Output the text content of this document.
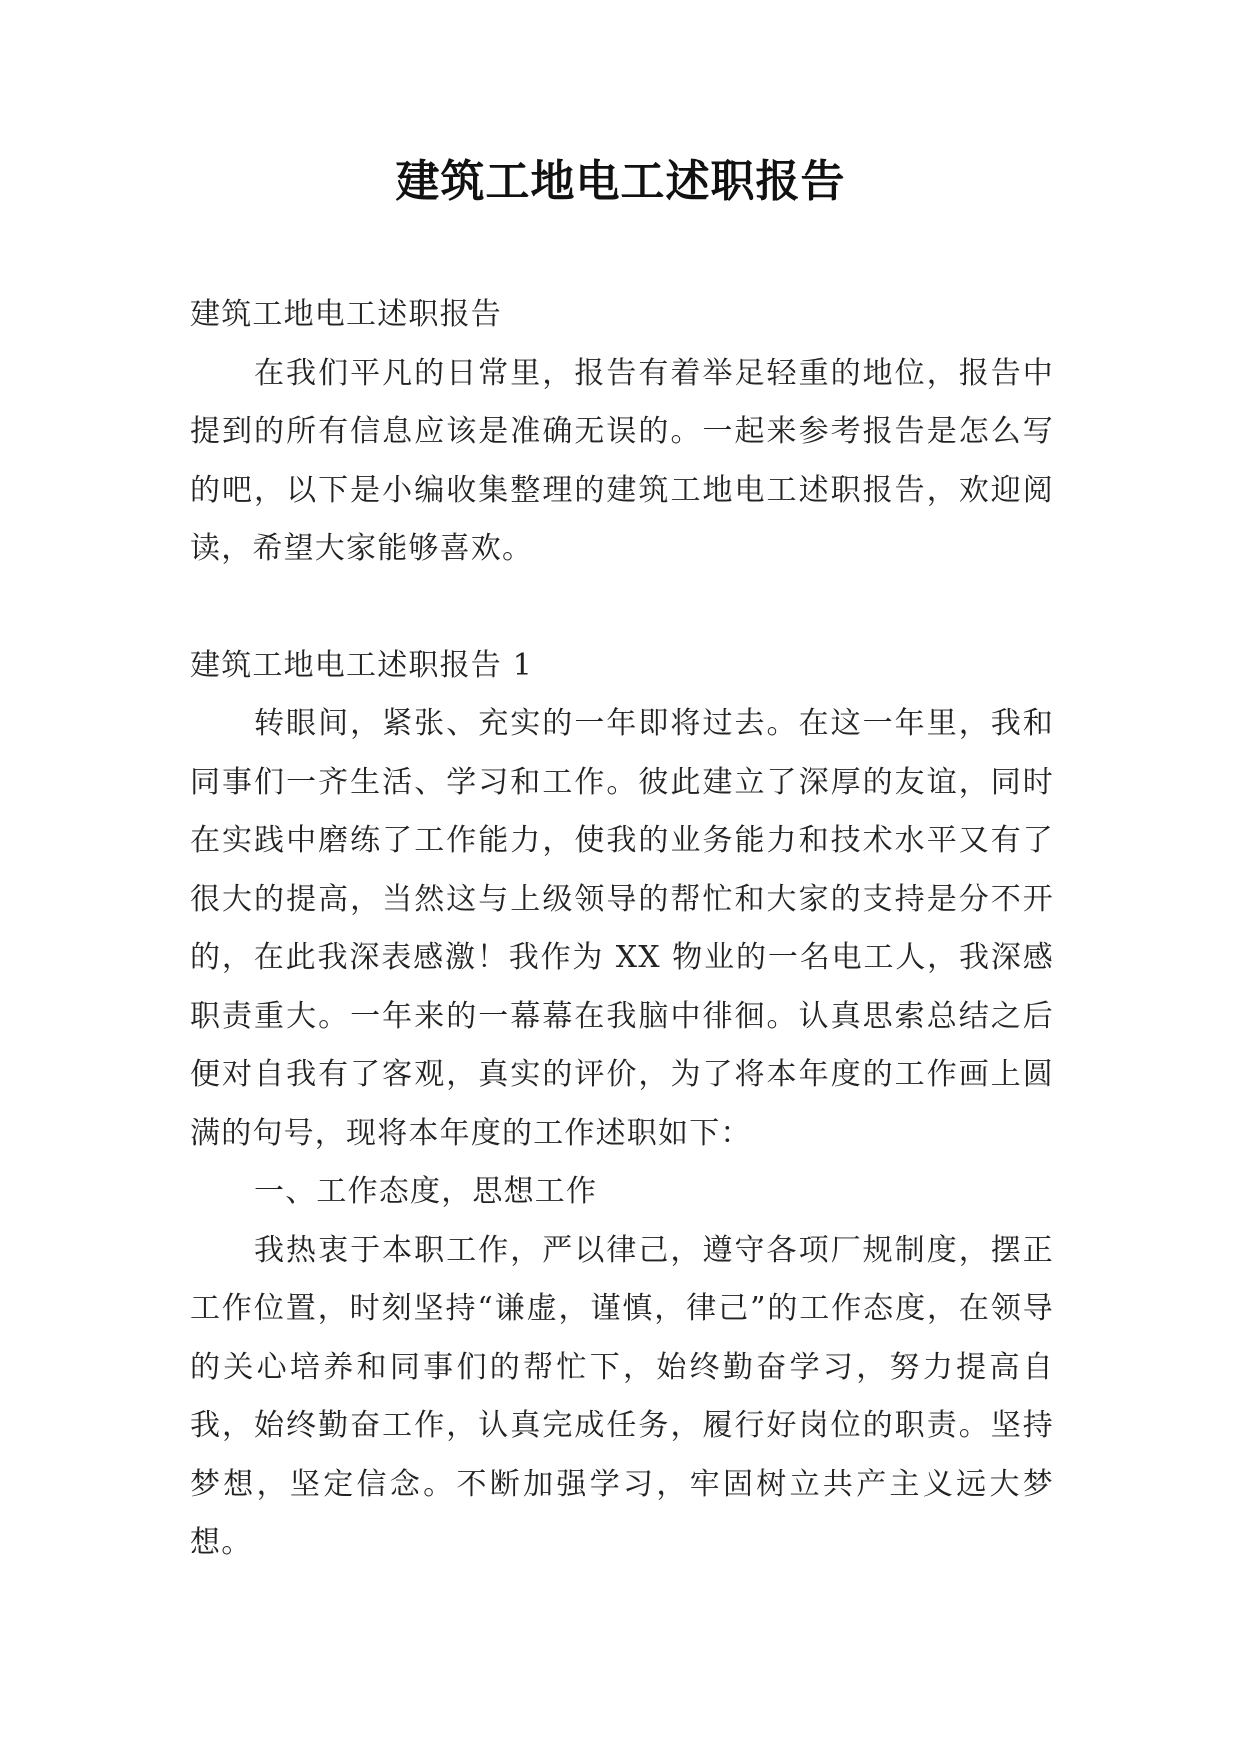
建筑工地电工述职报告

建筑工地电工述职报告

在我们平凡的日常里，报告有着举足轻重的地位，报告中提到的所有信息应该是准确无误的。一起来参考报告是怎么写的吧，以下是小编收集整理的建筑工地电工述职报告，欢迎阅读，希望大家能够喜欢。

建筑工地电工述职报告 1

转眼间，紧张、充实的一年即将过去。在这一年里，我和同事们一齐生活、学习和工作。彼此建立了深厚的友谊，同时在实践中磨练了工作能力，使我的业务能力和技术水平又有了很大的提高，当然这与上级领导的帮忙和大家的支持是分不开的，在此我深表感激！我作为 XX 物业的一名电工人，我深感职责重大。一年来的一幕幕在我脑中徘徊。认真思索总结之后便对自我有了客观，真实的评价，为了将本年度的工作画上圆满的句号，现将本年度的工作述职如下：

一、工作态度，思想工作

我热衷于本职工作，严以律己，遵守各项厂规制度，摆正工作位置，时刻坚持“谦虚，谨慎，律己”的工作态度，在领导的关心培养和同事们的帮忙下，始终勤奋学习，努力提高自我，始终勤奋工作，认真完成任务，履行好岗位的职责。坚持梦想，坚定信念。不断加强学习，牢固树立共产主义远大梦想。
